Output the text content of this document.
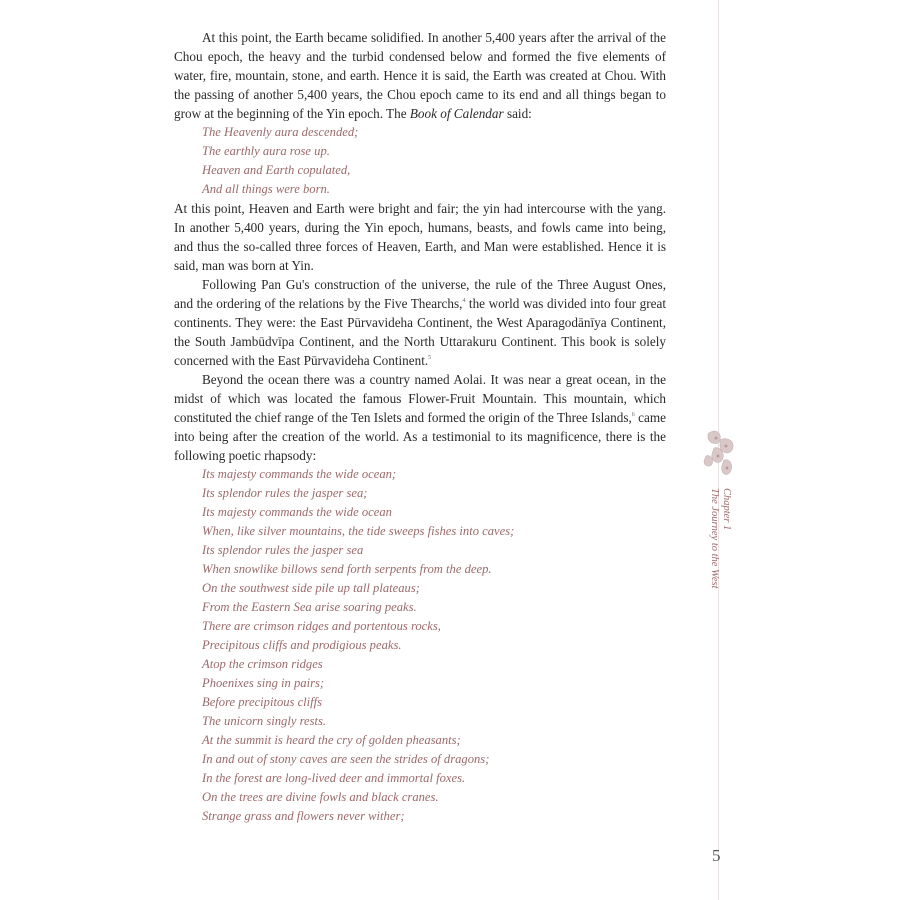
At this point, the Earth became solidified. In another 5,400 years after the arrival of the Chou epoch, the heavy and the turbid condensed below and formed the five elements of water, fire, mountain, stone, and earth. Hence it is said, the Earth was created at Chou. With the passing of another 5,400 years, the Chou epoch came to its end and all things began to grow at the beginning of the Yin epoch. The Book of Calendar said:

The Heavenly aura descended;
The earthly aura rose up.
Heaven and Earth copulated,
And all things were born.

At this point, Heaven and Earth were bright and fair; the yin had intercourse with the yang. In another 5,400 years, during the Yin epoch, humans, beasts, and fowls came into being, and thus the so-called three forces of Heaven, Earth, and Man were established. Hence it is said, man was born at Yin.

Following Pan Gu's construction of the universe, the rule of the Three August Ones, and the ordering of the relations by the Five Thearchs,$^4$ the world was divided into four great continents. They were: the East Pūrvavideha Continent, the West Aparagodānīya Continent, the South Jambūdvīpa Continent, and the North Uttarakuru Continent. This book is solely concerned with the East Pūrvavideha Continent.$^5$

Beyond the ocean there was a country named Aolai. It was near a great ocean, in the midst of which was located the famous Flower-Fruit Mountain. This mountain, which constituted the chief range of the Ten Islets and formed the origin of the Three Islands,$^6$ came into being after the creation of the world. As a testimonial to its magnificence, there is the following poetic rhapsody:

Its majesty commands the wide ocean;
Its splendor rules the jasper sea;
Its majesty commands the wide ocean
When, like silver mountains, the tide sweeps fishes into caves;
Its splendor rules the jasper sea
When snowlike billows send forth serpents from the deep.
On the southwest side pile up tall plateaus;
From the Eastern Sea arise soaring peaks.
There are crimson ridges and portentous rocks,
Precipitous cliffs and prodigious peaks.
Atop the crimson ridges
Phoenixes sing in pairs;
Before precipitous cliffs
The unicorn singly rests.
At the summit is heard the cry of golden pheasants;
In and out of stony caves are seen the strides of dragons;
In the forest are long-lived deer and immortal foxes.
On the trees are divine fowls and black cranes.
Strange grass and flowers never wither;
Chapter 1
The Journey to the West
5
